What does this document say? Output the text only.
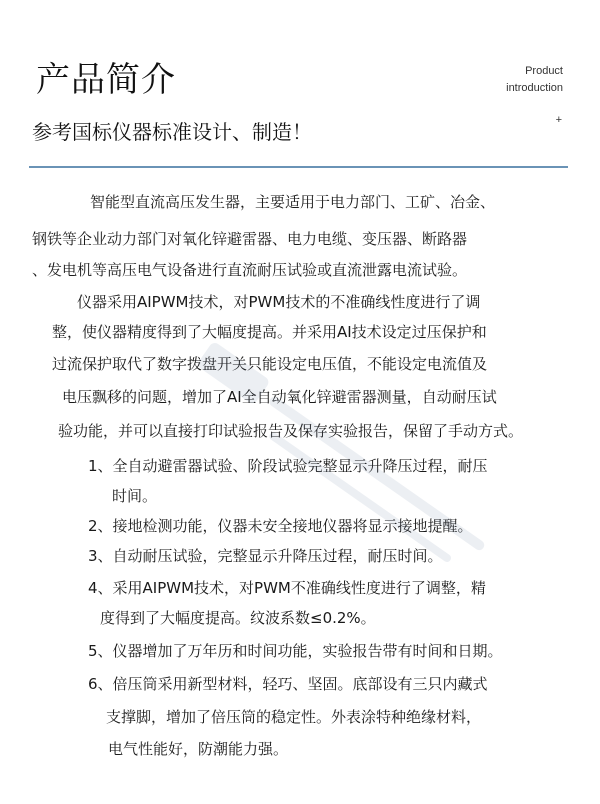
产品简介	Product
introduction
+
参考国标仪器标准设计、制造！
智能型直流高压发生器，主要适用于电力部门、工矿、冶金、
钢铁等企业动力部门对氧化锌避雷器、电力电缆、变压器、断路器
、发电机等高压电气设备进行直流耐压试验或直流泄露电流试验。
仪器采用AIPWM技术，对PWM技术的不准确线性度进行了调
整，使仪器精度得到了大幅度提高。并采用AI技术设定过压保护和
过流保护取代了数字拨盘开关只能设定电压值，不能设定电流值及
电压飘移的问题，增加了AI全自动氧化锌避雷器测量，自动耐压试
验功能，并可以直接打印试验报告及保存实验报告，保留了手动方式。
1、全自动避雷器试验、阶段试验完整显示升降压过程，耐压
时间。
2、接地检测功能，仪器未安全接地仪器将显示接地提醒。
3、自动耐压试验，完整显示升降压过程，耐压时间。
4、采用AIPWM技术，对PWM不准确线性度进行了调整，精
度得到了大幅度提高。纹波系数≤0.2%。
5、仪器增加了万年历和时间功能，实验报告带有时间和日期。
6、倍压筒采用新型材料，轻巧、坚固。底部设有三只内藏式
支撑脚，增加了倍压筒的稳定性。外表涂特种绝缘材料，
电气性能好，防潮能力强。
